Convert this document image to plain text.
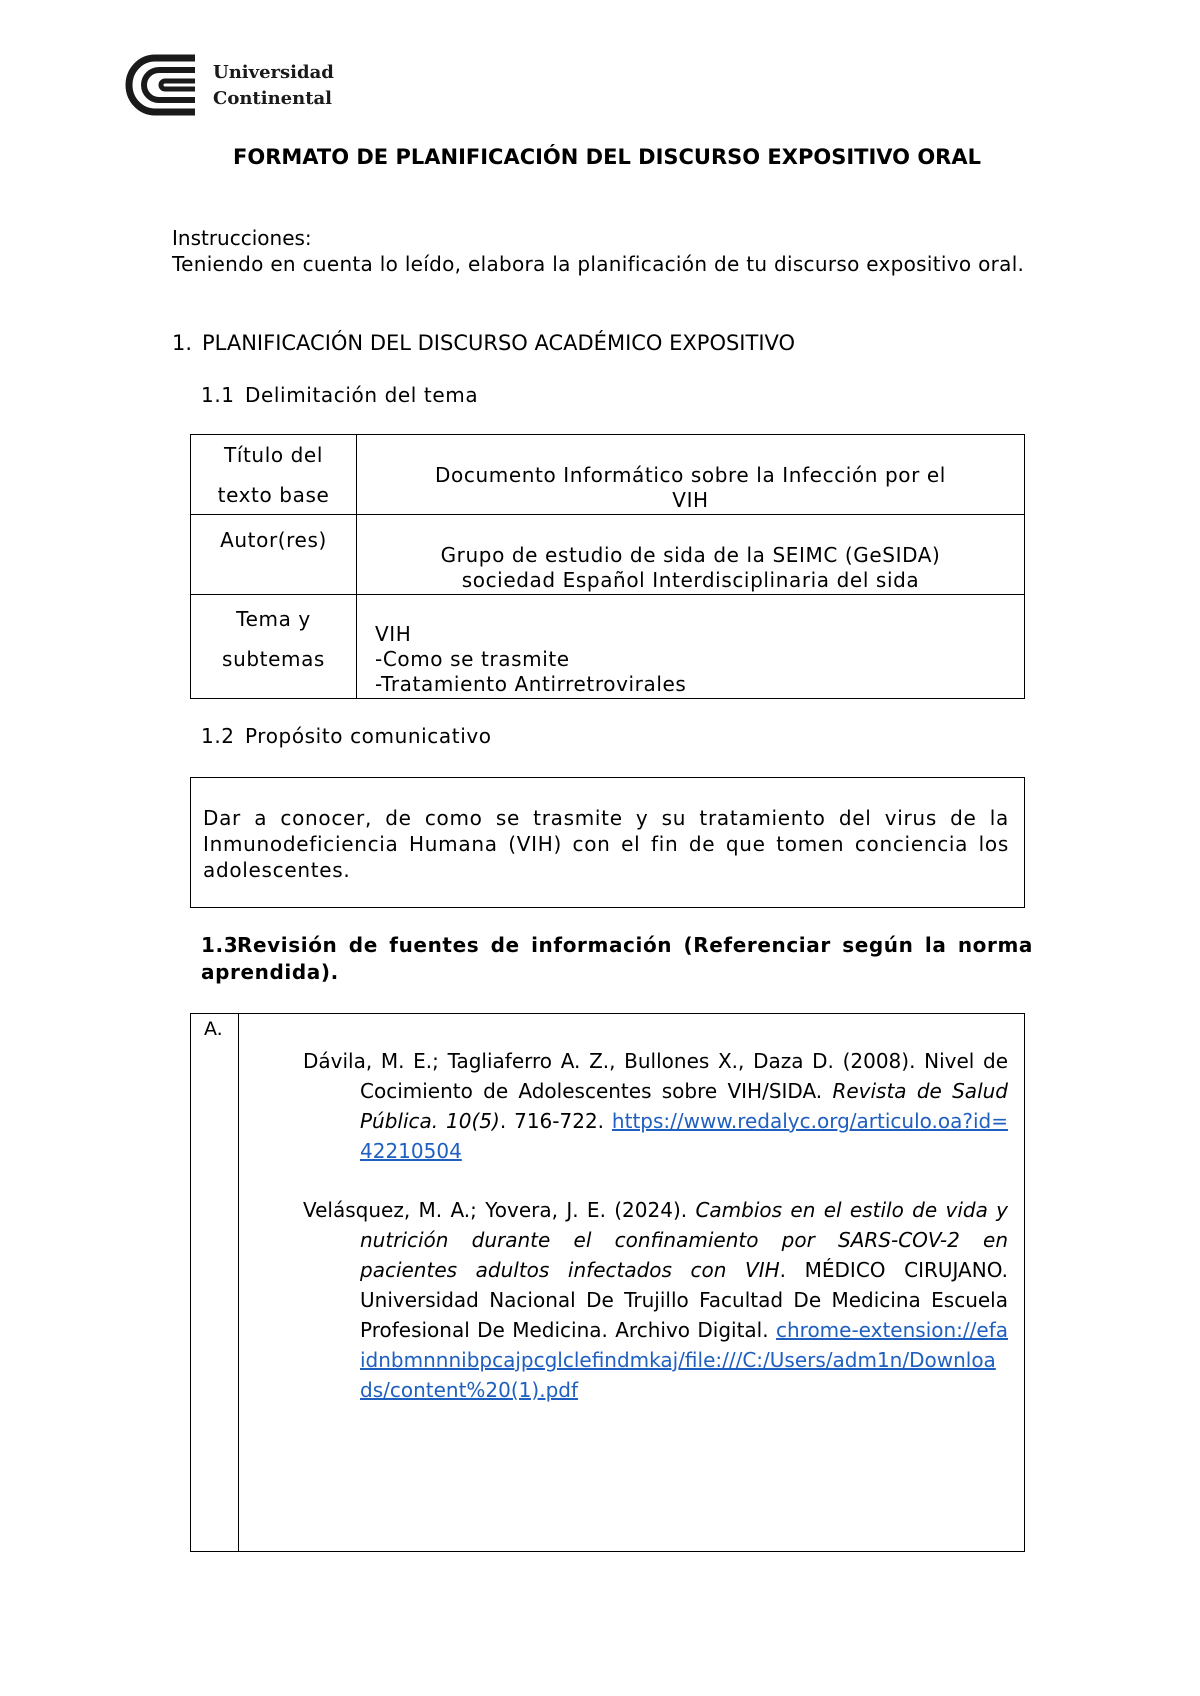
Universidad
Continental
FORMATO DE PLANIFICACIÓN DEL DISCURSO EXPOSITIVO ORAL
Instrucciones:
Teniendo en cuenta lo leído, elabora la planificación de tu discurso expositivo oral.
1. PLANIFICACIÓN DEL DISCURSO ACADÉMICO EXPOSITIVO
1.1 Delimitación del tema
Título del
texto base
Documento Informático sobre la Infección por el
VIH
Autor(res)
Grupo de estudio de sida de la SEIMC (GeSIDA)
sociedad Español Interdisciplinaria del sida
Tema y
subtemas
VIH
-Como se trasmite
-Tratamiento Antirretrovirales
1.2 Propósito comunicativo
Dar a conocer, de como se trasmite y su tratamiento del virus de la Inmunodeficiencia Humana (VIH) con el fin de que tomen conciencia los adolescentes.
1.3Revisión de fuentes de información (Referenciar según la norma aprendida).
A.

Dávila, M. E.; Tagliaferro A. Z., Bullones X., Daza D. (2008). Nivel de Cocimiento de Adolescentes sobre VIH/SIDA. Revista de Salud Pública. 10(5). 716-722. https://www.redalyc.org/articulo.oa?id=42210504

Velásquez, M. A.; Yovera, J. E. (2024). Cambios en el estilo de vida y nutrición durante el confinamiento por SARS-COV-2 en pacientes adultos infectados con VIH. MÉDICO CIRUJANO. Universidad Nacional De Trujillo Facultad De Medicina Escuela Profesional De Medicina. Archivo Digital. chrome-extension://efaidnbmnnnibpcajpcglclefindmkaj/file:///C:/Users/adm1n/Downloads/content%20(1).pdf
